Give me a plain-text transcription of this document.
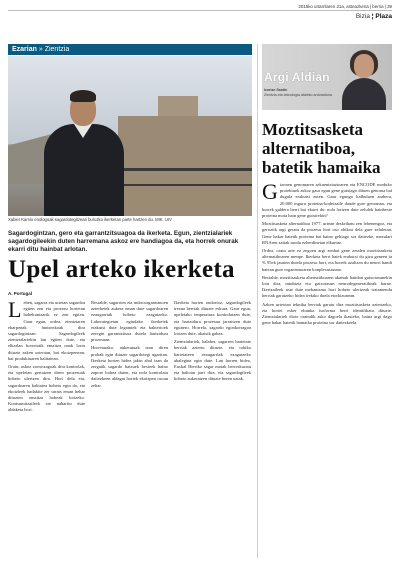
2015ko urtarrilaren 21a, asteazkena | berria | 39
Bizia ¦ Plaza
Ezarian » Zientzia
Xabier Kamio enologoak sagardotegitzeari buruzko ikerketan parte hartzen du. MIK. UIV
Sagardogintzan, gero eta garrantzitsuagoa da ikerketa. Egun, zientzialariek sagardogileekin duten harremana askoz ere handiagoa da, eta horrek onurak ekarri ditu hainbat arlotan.
Upel arteko ikerketa
A. Portugal
L ehen, sagarra eta urtetan sagardoa egiten zen eta prozesu horietan hobekuntzarik ez zen egiten. Gaur egun, ordea, zientziaren ekarpenak funtsezkoak dira sagardogintzan. Sagardogileek zientzialariekin lan egiten dute, eta elkarlan horretatik emaitza onak lortu dituzte azken urteotan, bai ekoizpenean, bai produktuaren kalitatean.

Orain, askoz zorrotzagoak dira kontrolak, eta upeletan gertatzen diren prozesuak hobeto ulertzen dira. Hori dela eta, sagardoaren kalitatea hobetu egin da, eta ekoizleek badakite zer urrats eman behar dituzten emaitza hobeak lortzeko. Kontsumitzaileek ere nabaritu dute aldaketa hori.

Bestalde, sagarrien eta mikroorganismoen azterketek aukera eman dute sagardoaren ezaugarriak hobeto ezagutzeko. Laborategietan egindako ikerketek erakutsi dute legamiek eta bakterioek zeregin garrantzitsua dutela hartzidura prozesuan.

Horretarako, aukeratuak izan diren probak egin dituzte sagardotegi ugaritan. Ikerketa horien bidez jakin ahal izan da zergatik sagardo batzuek besteek baino zapore hobea duten, eta nola kontrolatu daitezkeen aldagai horiek ekoizpen osoan zehar.

Ikerketa horien ondorioz, sagardogileek tresna berriak dituzte eskura. Gaur egun, upeletako tenperatura kontrolatzen dute, eta hartzidura prozesua jarraitzen dute egunero. Horrela, sagardo egonkorragoa lortzen dute, akatsik gabea.

Zientzialariek, halaber, sagarren barietate berriak aztertu dituzte, eta tokiko barietateen ezaugarriak ezagutzeko ahalegina egin dute. Lan horren bidez, Euskal Herriko sagar motak berreskuratu eta balioan jarri dira, eta sagardogileek hobeto aukeratzen dituzte beren uztak.

Argi Aldian
Izortze Santin
Zientzia eta teknologia ataleko arduraduna
Moztitsasketa alternatiboa, batetik hamaika
G izonen genomaren sekuentziazioaren eta ENCODE moduko proiektuek askoz gaur egun gene gutxiago dituen genoma bat dugula erakutsi zuten. Gaur egungo kalkuluen arabera, 20.000 inguru proteina-kodetzaile daude gure genoman, eta horrek galdera berri bat ekarri du: nola lortzen dute zelulek hainbeste proteina mota hain gene gutxirekin?

Moztitsasketa alternatiboa 1977. urtean deskribatu zen lehenengoz, eta geroztik argi geratu da prozesu hori oso ohikoa dela gure zeluletan. Gene bakar batetik proteina bat baino gehiago sor daitezke, mezulari RNAren zatiak modu ezberdinetan elkartuz.

Ordea, orain arte ez zegoen argi zenbat gene zeuden moztitsasketa alternatiboaren menpe. Ikerketa berri batek erakutsi du giza geneen ia % 95ek jasaten dutela prozesu hori, eta horrek azaltzen du neurri handi batean gure organismoaren konplexutasuna.

Bestalde, moztitsasketa alternatiboaren akatsak hainbat gaixotasunekin lotu dira, minbizia eta gaixotasun neurodegeneratiboak barne. Ikertzaileek uste dute mekanismo hori hobeto ulertzeak tratamendu berriak garatzeko bidea irekiko duela etorkizunean.

Azken urteotan teknika berriak garatu dira moztitsasketa aztertzeko, eta horiei esker ehunka isoforma berri identifikatu dituzte. Zientzialariek diote oraindik asko dagoela ikasteko, baina argi dago gene bakar batetik hamaika proteina sor daitezkeela.
